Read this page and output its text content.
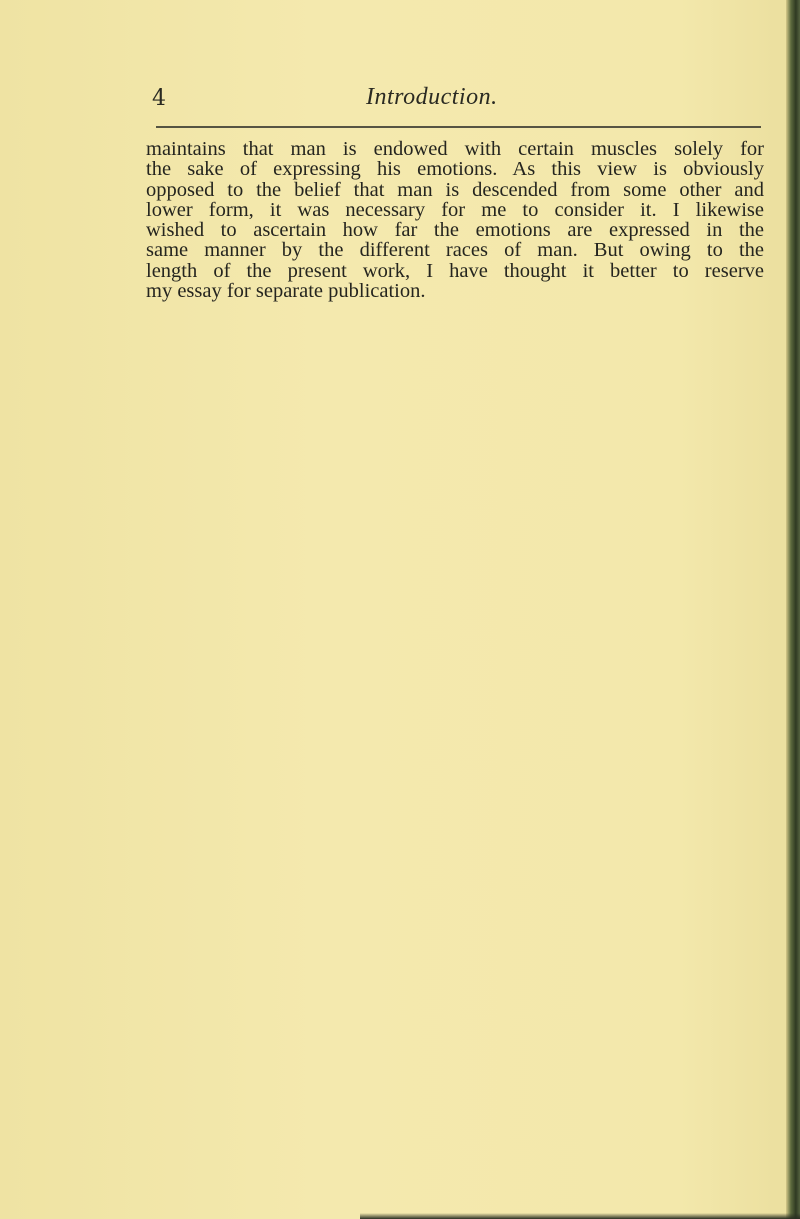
4	Introduction.
maintains that man is endowed with certain muscles solely for
the sake of expressing his emotions. As this view is obviously
opposed to the belief that man is descended from some other and
lower form, it was necessary for me to consider it. I likewise
wished to ascertain how far the emotions are expressed in the
same manner by the different races of man. But owing to the
length of the present work, I have thought it better to reserve
my essay for separate publication.
